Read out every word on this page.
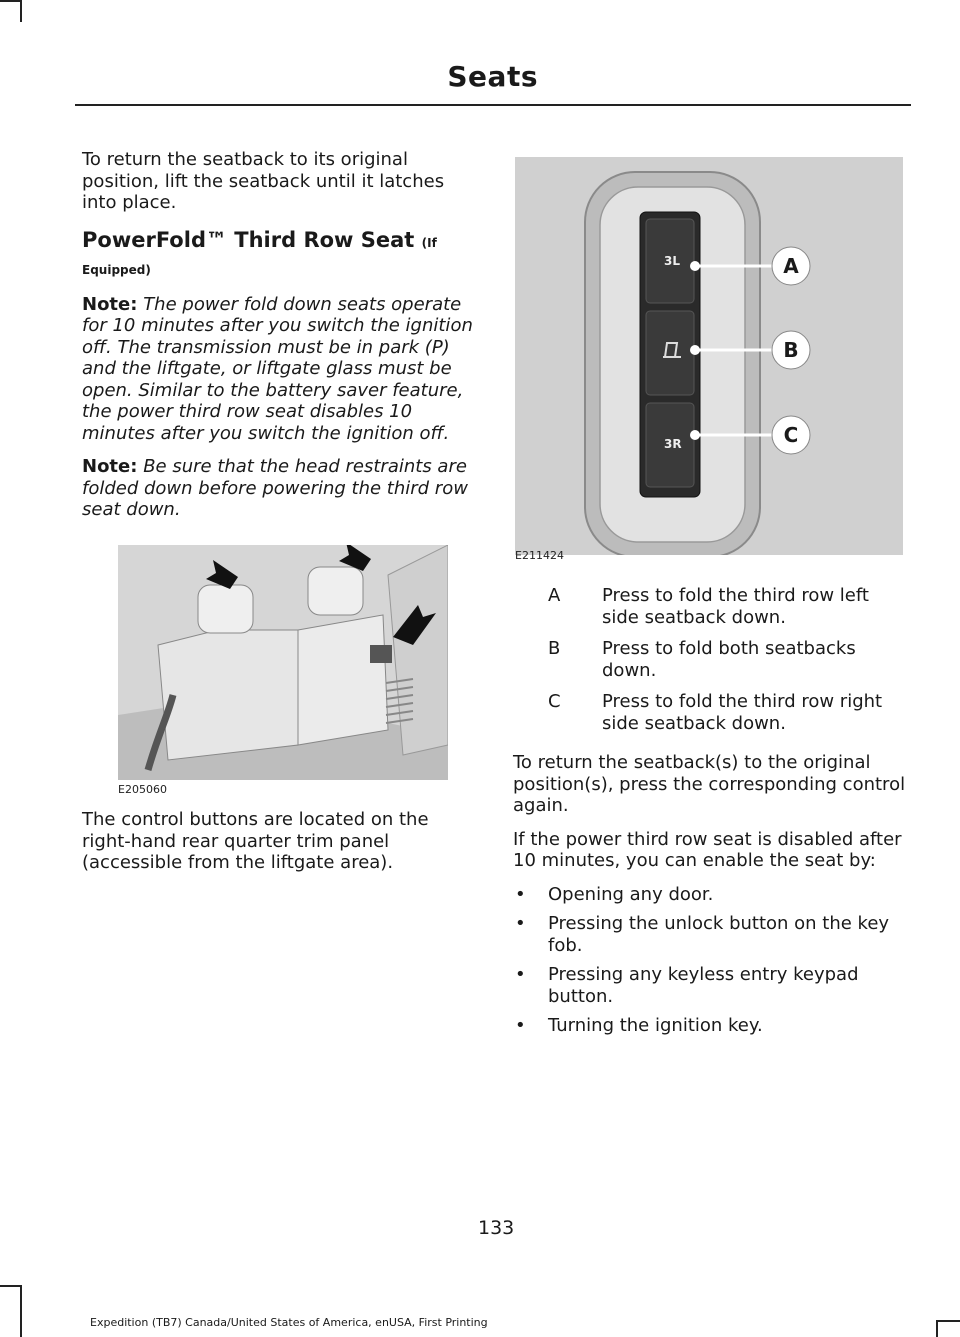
Seats

To return the seatback to its original position, lift the seatback until it latches into place.

PowerFold™ Third Row Seat (If Equipped)

Note: The power fold down seats operate for 10 minutes after you switch the ignition off. The transmission must be in park (P) and the liftgate, or liftgate glass must be open. Similar to the battery saver feature, the power third row seat disables 10 minutes after you switch the ignition off.

Note: Be sure that the head restraints are folded down before powering the third row seat down.

E205060

The control buttons are located on the right-hand rear quarter trim panel (accessible from the liftgate area).

3L
3R
A
B
C
E211424
A	Press to fold the third row left side seatback down.
B	Press to fold both seatbacks down.
C	Press to fold the third row right side seatback down.

To return the seatback(s) to the original position(s), press the corresponding control again.

If the power third row seat is disabled after 10 minutes, you can enable the seat by:

•	Opening any door.
•	Pressing the unlock button on the key fob.
•	Pressing any keyless entry keypad button.
•	Turning the ignition key.
133
Expedition (TB7) Canada/United States of America, enUSA, First Printing
